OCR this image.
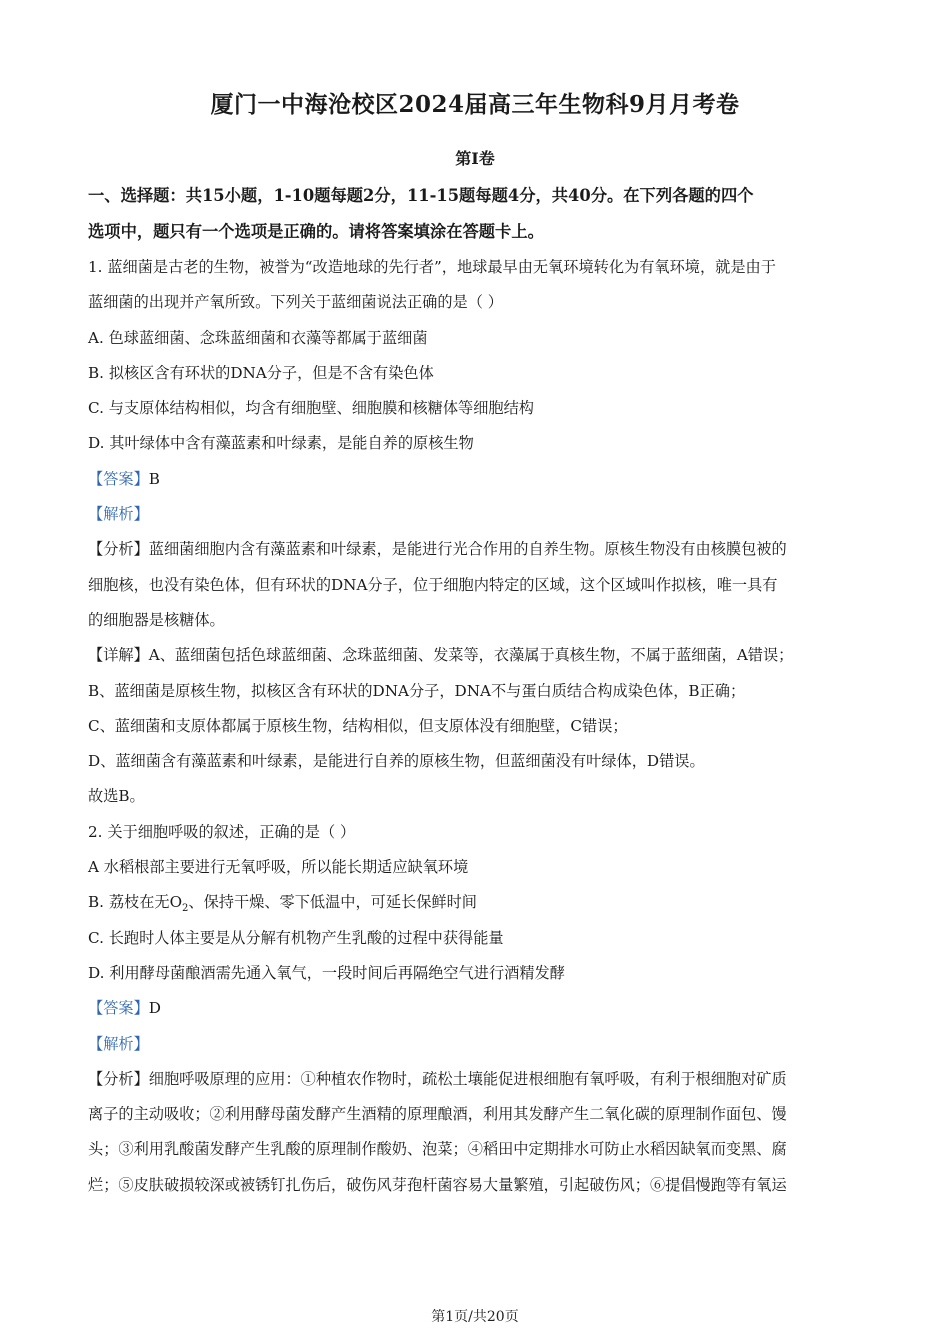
厦门一中海沧校区2024届高三年生物科9月月考卷
第Ⅰ卷
一、选择题：共15小题，1-10题每题2分，11-15题每题4分，共40分。在下列各题的四个
选项中，题只有一个选项是正确的。请将答案填涂在答题卡上。
1. 蓝细菌是古老的生物，被誉为“改造地球的先行者”，地球最早由无氧环境转化为有氧环境，就是由于
蓝细菌的出现并产氧所致。下列关于蓝细菌说法正确的是（ ）
A. 色球蓝细菌、念珠蓝细菌和衣藻等都属于蓝细菌
B. 拟核区含有环状的DNA分子，但是不含有染色体
C. 与支原体结构相似，均含有细胞壁、细胞膜和核糖体等细胞结构
D. 其叶绿体中含有藻蓝素和叶绿素，是能自养的原核生物
【答案】B
【解析】
【分析】蓝细菌细胞内含有藻蓝素和叶绿素，是能进行光合作用的自养生物。原核生物没有由核膜包被的
细胞核，也没有染色体，但有环状的DNA分子，位于细胞内特定的区域，这个区域叫作拟核，唯一具有
的细胞器是核糖体。
【详解】A、蓝细菌包括色球蓝细菌、念珠蓝细菌、发菜等，衣藻属于真核生物，不属于蓝细菌，A错误；
B、蓝细菌是原核生物，拟核区含有环状的DNA分子，DNA不与蛋白质结合构成染色体，B正确；
C、蓝细菌和支原体都属于原核生物，结构相似，但支原体没有细胞壁，C错误；
D、蓝细菌含有藻蓝素和叶绿素，是能进行自养的原核生物，但蓝细菌没有叶绿体，D错误。
故选B。
2. 关于细胞呼吸的叙述，正确的是（ ）
A 水稻根部主要进行无氧呼吸，所以能长期适应缺氧环境
B. 荔枝在无$O_2$、保持干燥、零下低温中，可延长保鲜时间
C. 长跑时人体主要是从分解有机物产生乳酸的过程中获得能量
D. 利用酵母菌酿酒需先通入氧气，一段时间后再隔绝空气进行酒精发酵
【答案】D
【解析】
【分析】细胞呼吸原理的应用：①种植农作物时，疏松土壤能促进根细胞有氧呼吸，有利于根细胞对矿质
离子的主动吸收；②利用酵母菌发酵产生酒精的原理酿酒，利用其发酵产生二氧化碳的原理制作面包、馒
头；③利用乳酸菌发酵产生乳酸的原理制作酸奶、泡菜；④稻田中定期排水可防止水稻因缺氧而变黑、腐
烂；⑤皮肤破损较深或被锈钉扎伤后，破伤风芽孢杆菌容易大量繁殖，引起破伤风；⑥提倡慢跑等有氧运
第1页/共20页
